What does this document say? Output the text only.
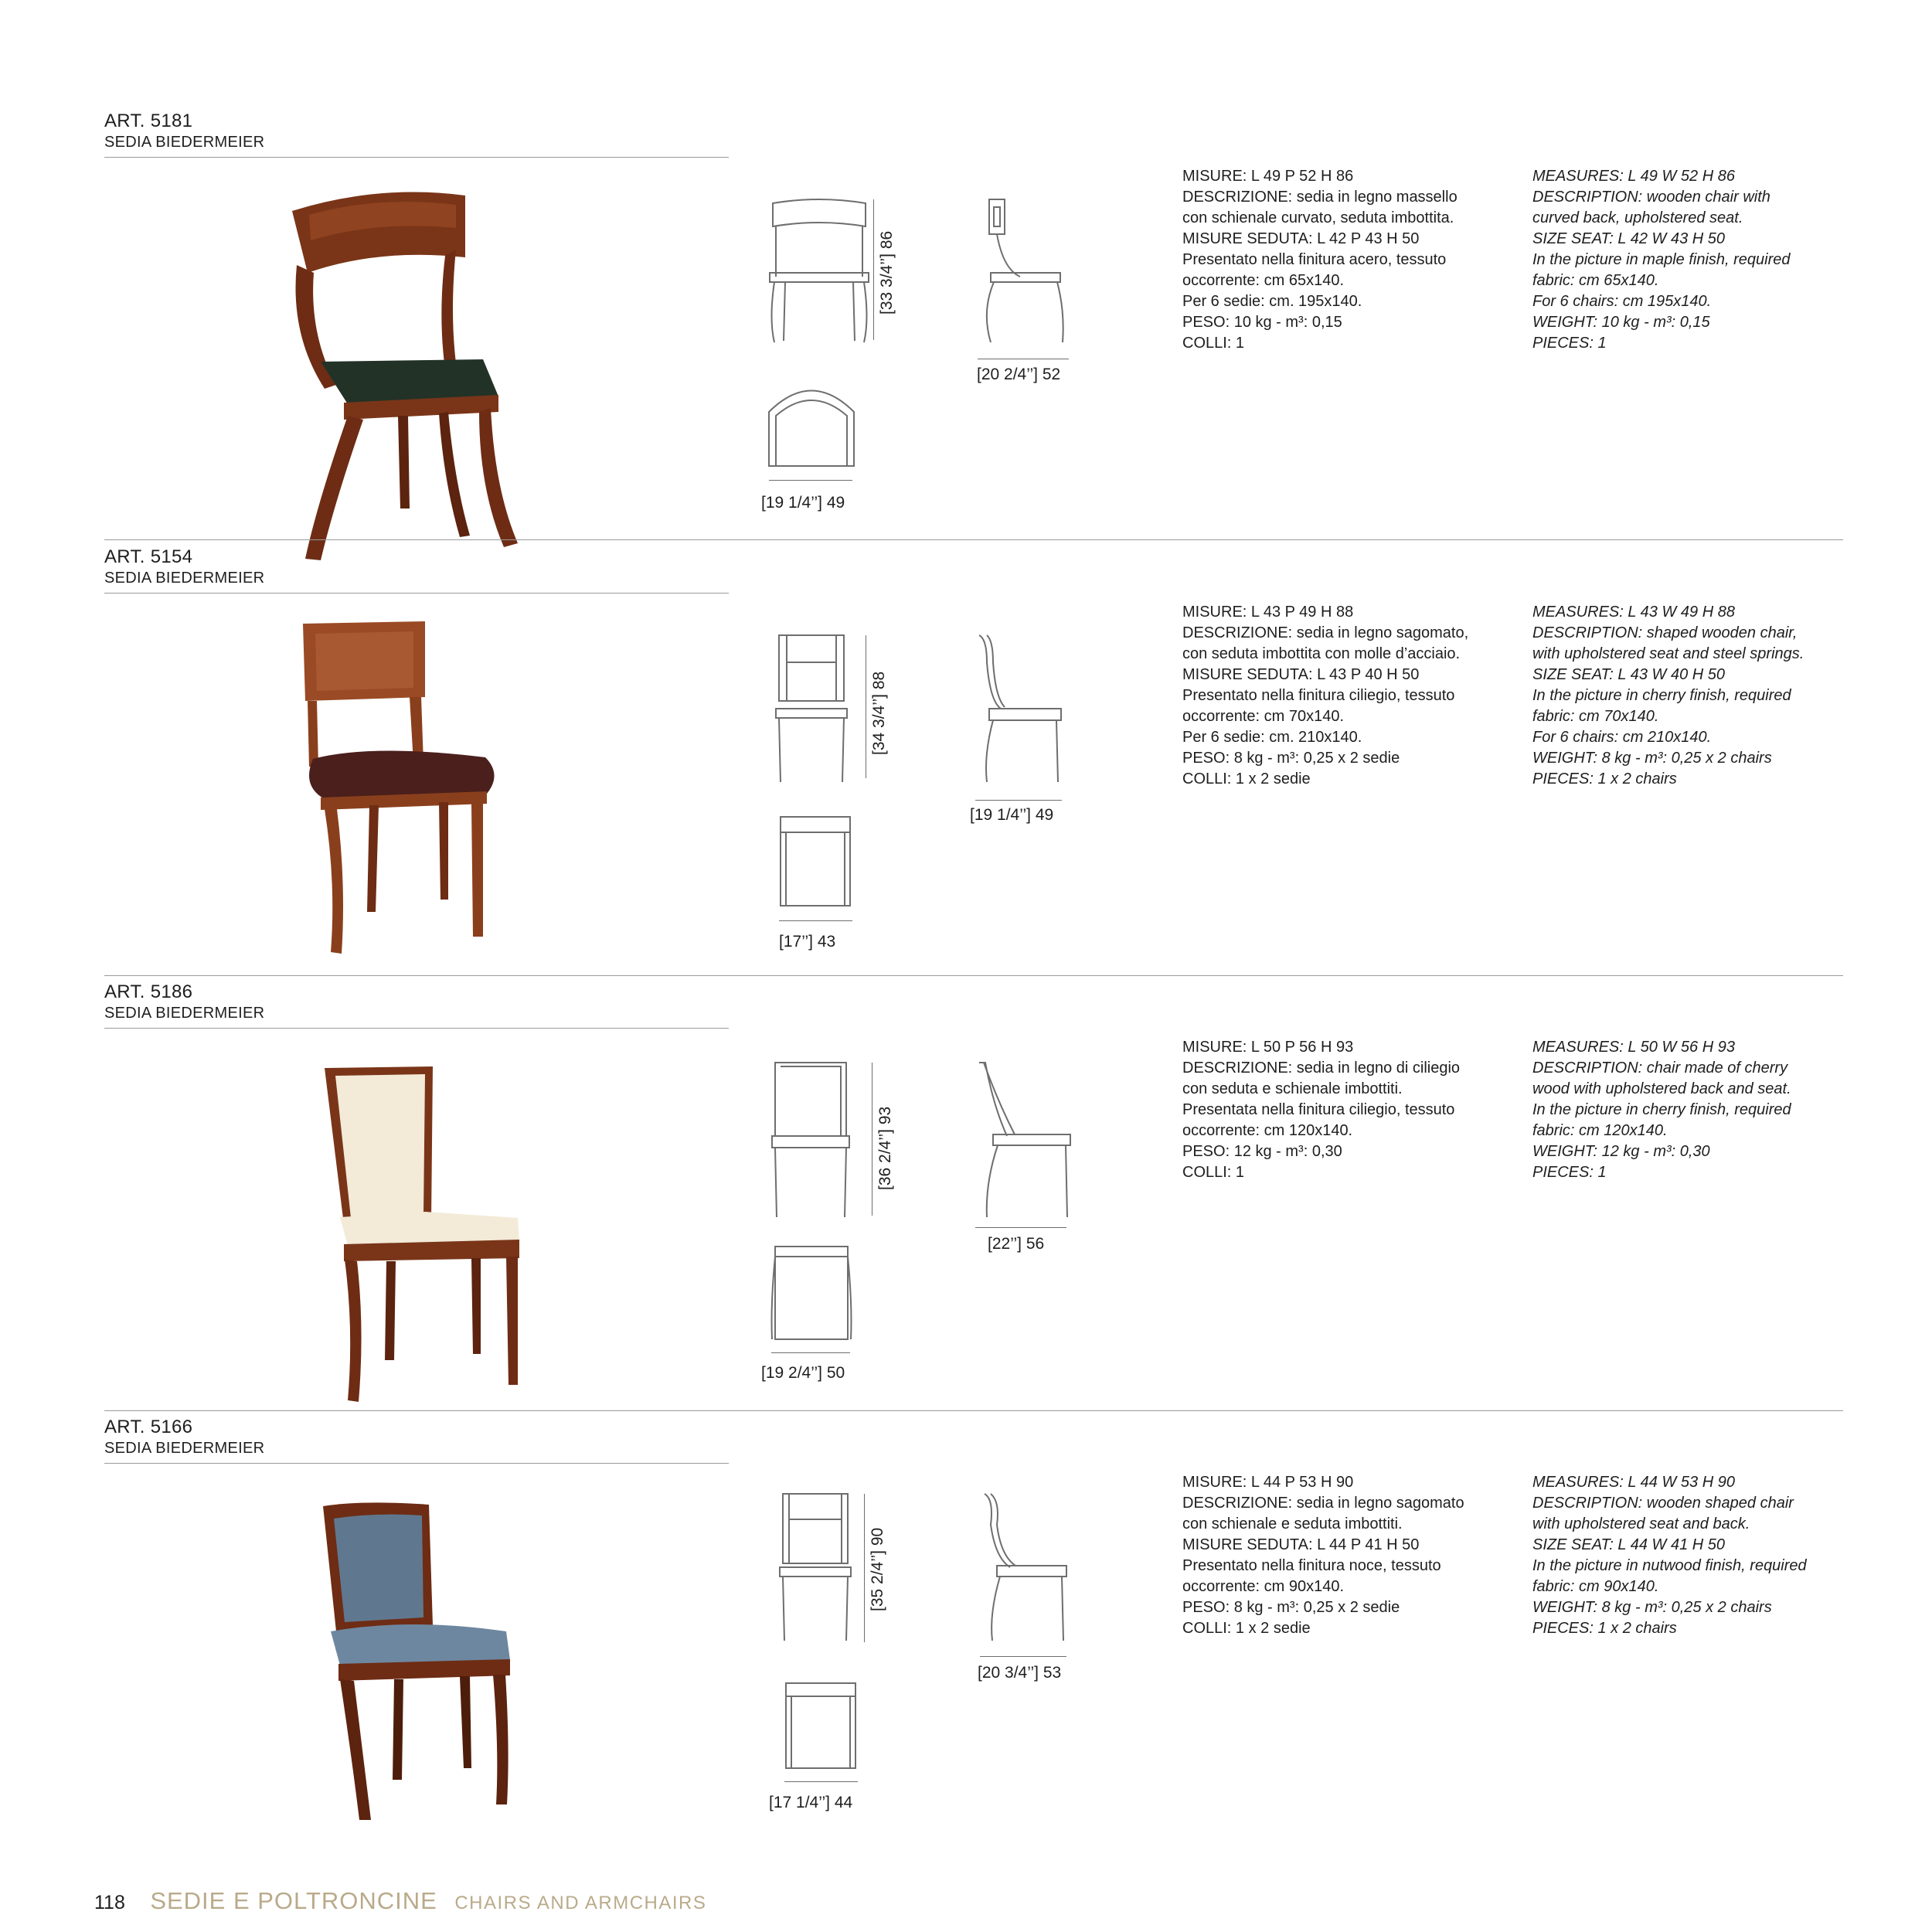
ART. 5181
SEDIA BIEDERMEIER
[33 3/4’’] 86
[20 2/4’’] 52
[19 1/4’’] 49
MISURE: L 49 P 52 H 86
DESCRIZIONE: sedia in legno massello
con schienale curvato, seduta imbottita.
MISURE SEDUTA: L 42 P 43 H 50
Presentato nella finitura acero, tessuto
occorrente: cm 65x140.
Per 6 sedie: cm. 195x140.
PESO: 10 kg - m³: 0,15
COLLI: 1
MEASURES: L 49 W 52 H 86
DESCRIPTION: wooden chair with
curved back, upholstered seat.
SIZE SEAT: L 42 W 43 H 50
In the picture in maple finish, required
fabric: cm 65x140.
For 6 chairs: cm 195x140.
WEIGHT: 10 kg - m³: 0,15
PIECES: 1
ART. 5154
SEDIA BIEDERMEIER
[34 3/4’’] 88
[19 1/4’’] 49
[17’’] 43
MISURE: L 43 P 49 H 88
DESCRIZIONE: sedia in legno sagomato,
con seduta imbottita con molle d’acciaio.
MISURE SEDUTA: L 43 P 40 H 50
Presentato nella finitura ciliegio, tessuto
occorrente: cm 70x140.
Per 6 sedie: cm. 210x140.
PESO: 8 kg - m³: 0,25 x 2 sedie
COLLI: 1 x 2 sedie
MEASURES: L 43 W 49 H 88
DESCRIPTION: shaped wooden chair,
with upholstered seat and steel springs.
SIZE SEAT: L 43 W 40 H 50
In the picture in cherry finish, required
fabric: cm 70x140.
For 6 chairs: cm 210x140.
WEIGHT: 8 kg - m³: 0,25 x 2 chairs
PIECES: 1 x 2 chairs
ART. 5186
SEDIA BIEDERMEIER
[36 2/4’’] 93
[22’’] 56
[19 2/4’’] 50
MISURE: L 50 P 56 H 93
DESCRIZIONE: sedia in legno di ciliegio
con seduta e schienale imbottiti.
Presentata nella finitura ciliegio, tessuto
occorrente: cm 120x140.
PESO: 12 kg - m³: 0,30
COLLI: 1
MEASURES: L 50 W 56 H 93
DESCRIPTION: chair made of cherry
wood with upholstered back and seat.
In the picture in cherry finish, required
fabric: cm 120x140.
WEIGHT: 12 kg - m³: 0,30
PIECES: 1
ART. 5166
SEDIA BIEDERMEIER
[35 2/4’’] 90
[20 3/4’’] 53
[17 1/4’’] 44
MISURE: L 44 P 53 H 90
DESCRIZIONE: sedia in legno sagomato
con schienale e seduta imbottiti.
MISURE SEDUTA: L 44 P 41 H 50
Presentato nella finitura noce, tessuto
occorrente: cm 90x140.
PESO: 8 kg - m³: 0,25 x 2 sedie
COLLI: 1 x 2 sedie
MEASURES: L 44 W 53 H 90
DESCRIPTION: wooden shaped chair
with upholstered seat and back.
SIZE SEAT: L 44 W 41 H 50
In the picture in nutwood finish, required
fabric: cm 90x140.
WEIGHT: 8 kg - m³: 0,25 x 2 chairs
PIECES: 1 x 2 chairs
118 SEDIE E POLTRONCINE CHAIRS AND ARMCHAIRS
